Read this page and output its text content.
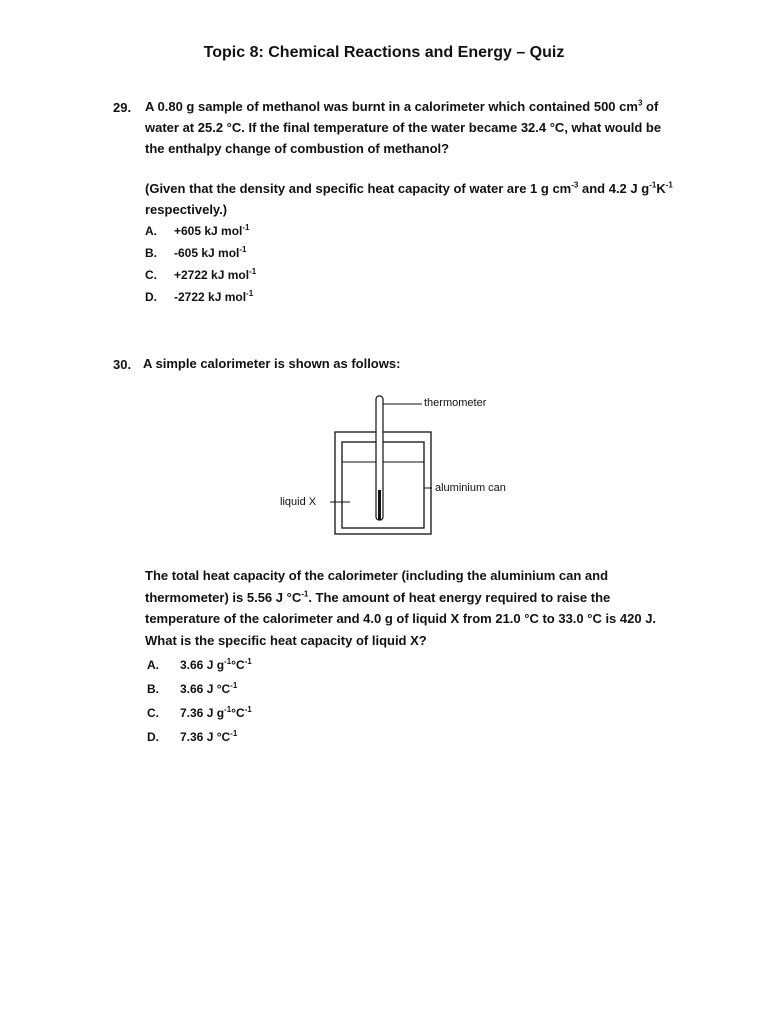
Topic 8: Chemical Reactions and Energy – Quiz
29. A 0.80 g sample of methanol was burnt in a calorimeter which contained 500 $cm^3$ of
water at 25.2 °C. If the final temperature of the water became 32.4 °C, what would be
the enthalpy change of combustion of methanol?
(Given that the density and specific heat capacity of water are 1 g $cm^{-3}$ and 4.2 J $g^{-1}K^{-1}$
respectively.)
A. +605 kJ mol$^{-1}$
B. -605 kJ mol$^{-1}$
C. +2722 kJ mol$^{-1}$
D. -2722 kJ mol$^{-1}$
30. A simple calorimeter is shown as follows:
thermometer
aluminium can
liquid X
The total heat capacity of the calorimeter (including the aluminium can and
thermometer) is 5.56 J $^\circ C^{-1}$. The amount of heat energy required to raise the
temperature of the calorimeter and 4.0 g of liquid X from 21.0 °C to 33.0 °C is 420 J.
What is the specific heat capacity of liquid X?
A. 3.66 J $g^{-1}^\circ C^{-1}$
B. 3.66 J $^\circ C^{-1}$
C. 7.36 J $g^{-1}^\circ C^{-1}$
D. 7.36 J $^\circ C^{-1}$
